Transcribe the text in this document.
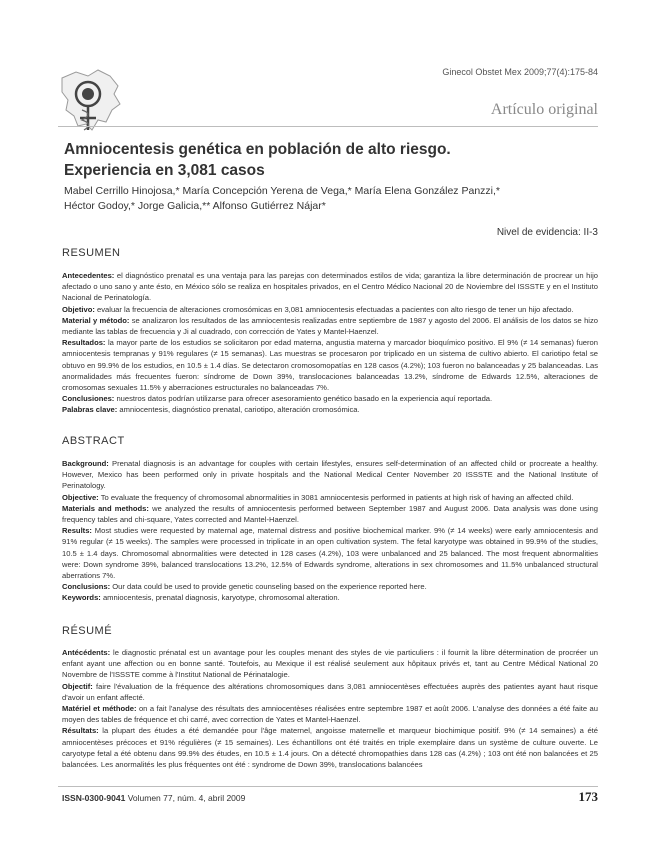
Ginecol Obstet Mex 2009;77(4):175-84
Artículo original
Amniocentesis genética en población de alto riesgo.
Experiencia en 3,081 casos
Mabel Cerrillo Hinojosa,* María Concepción Yerena de Vega,* María Elena González Panzzi,*
Héctor Godoy,* Jorge Galicia,** Alfonso Gutiérrez Nájar*
Nivel de evidencia: II-3
RESUMEN

Antecedentes: el diagnóstico prenatal es una ventaja para las parejas con determinados estilos de vida; garantiza la libre determinación de procrear un hijo afectado o uno sano y ante ésto, en México sólo se realiza en hospitales privados, en el Centro Médico Nacional 20 de Noviembre del ISSSTE y en el Instituto Nacional de Perinatología.

Objetivo: evaluar la frecuencia de alteraciones cromosómicas en 3,081 amniocentesis efectuadas a pacientes con alto riesgo de tener un hijo afectado.

Material y método: se analizaron los resultados de las amniocentesis realizadas entre septiembre de 1987 y agosto del 2006. El análisis de los datos se hizo mediante las tablas de frecuencia y Ji al cuadrado, con corrección de Yates y Mantel-Haenzel.

Resultados: la mayor parte de los estudios se solicitaron por edad materna, angustia materna y marcador bioquímico positivo. El 9% (≠ 14 semanas) fueron amniocentesis tempranas y 91% regulares (≠ 15 semanas). Las muestras se procesaron por triplicado en un sistema de cultivo abierto. El cariotipo fetal se obtuvo en 99.9% de los estudios, en 10.5 ± 1.4 días. Se detectaron cromosomopatías en 128 casos (4.2%); 103 fueron no balanceadas y 25 balanceadas. Las anormalidades más frecuentes fueron: síndrome de Down 39%, translocaciones balanceadas 13.2%, síndrome de Edwards 12.5%, alteraciones de cromosomas sexuales 11.5% y aberraciones estructurales no balanceadas 7%.

Conclusiones: nuestros datos podrían utilizarse para ofrecer asesoramiento genético basado en la experiencia aquí reportada.

Palabras clave: amniocentesis, diagnóstico prenatal, cariotipo, alteración cromosómica.

ABSTRACT

Background: Prenatal diagnosis is an advantage for couples with certain lifestyles, ensures self-determination of an affected child or procreate a healthy. However, Mexico has been performed only in private hospitals and the National Medical Center November 20 ISSSTE and the National Institute of Perinatology.

Objective: To evaluate the frequency of chromosomal abnormalities in 3081 amniocentesis performed in patients at high risk of having an affected child.

Materials and methods: we analyzed the results of amniocentesis performed between September 1987 and August 2006. Data analysis was done using frequency tables and chi-square, Yates corrected and Mantel-Haenzel.

Results: Most studies were requested by maternal age, maternal distress and positive biochemical marker. 9% (≠ 14 weeks) were early amniocentesis and 91% regular (≠ 15 weeks). The samples were processed in triplicate in an open cultivation system. The fetal karyotype was obtained in 99.9% of the studies, 10.5 ± 1.4 days. Chromosomal abnormalities were detected in 128 cases (4.2%), 103 were unbalanced and 25 balanced. The most frequent abnormalities were: Down syndrome 39%, balanced translocations 13.2%, 12.5% of Edwards syndrome, alterations in sex chromosomes and 11.5% unbalanced structural aberrations 7%.

Conclusions: Our data could be used to provide genetic counseling based on the experience reported here.

Keywords: amniocentesis, prenatal diagnosis, karyotype, chromosomal alteration.

RÉSUMÉ

Antécédents: le diagnostic prénatal est un avantage pour les couples menant des styles de vie particuliers : il fournit la libre détermination de procréer un enfant ayant une affection ou en bonne santé. Toutefois, au Mexique il est réalisé seulement aux hôpitaux privés et, tant au Centre Médical National 20 Novembre de l'ISSSTE comme à l'Institut National de Périnatalogie.

Objectif: faire l'évaluation de la fréquence des altérations chromosomiques dans 3,081 amniocentèses effectuées auprès des patientes ayant haut risque d'avoir un enfant affecté.

Matériel et méthode: on a fait l'analyse des résultats des amniocentèses réalisées entre septembre 1987 et août 2006. L'analyse des données a été faite au moyen des tables de fréquence et chi carré, avec correction de Yates et Mantel-Haenzel.

Résultats: la plupart des études a été demandée pour l'âge maternel, angoisse maternelle et marqueur biochimique positif. 9% (≠ 14 semaines) a été amniocentèses précoces et 91% régulières (≠ 15 semaines). Les échantillons ont été traités en triple exemplaire dans un système de culture ouverte. Le caryotype fetal a été obtenu dans 99.9% des études, en 10.5 ± 1.4 jours. On a détecté chromopathies dans 128 cas (4.2%) ; 103 ont été non balancées et 25 balancées. Les anormalités les plus fréquentes ont été : syndrome de Down 39%, translocations balancées

ISSN-0300-9041 Volumen 77, núm. 4, abril 2009	173
